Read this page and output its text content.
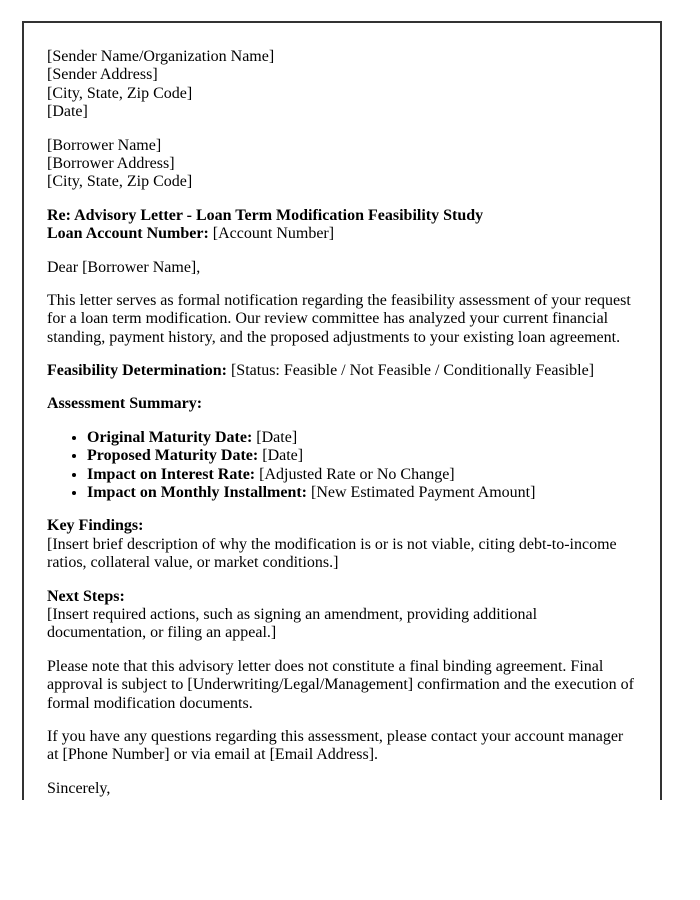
[Sender Name/Organization Name]
[Sender Address]
[City, State, Zip Code]
[Date]

[Borrower Name]
[Borrower Address]
[City, State, Zip Code]

Re: Advisory Letter - Loan Term Modification Feasibility Study
Loan Account Number: [Account Number]

Dear [Borrower Name],

This letter serves as formal notification regarding the feasibility assessment of your request for a loan term modification. Our review committee has analyzed your current financial standing, payment history, and the proposed adjustments to your existing loan agreement.

Feasibility Determination: [Status: Feasible / Not Feasible / Conditionally Feasible]

Assessment Summary:

• Original Maturity Date: [Date]
• Proposed Maturity Date: [Date]
• Impact on Interest Rate: [Adjusted Rate or No Change]
• Impact on Monthly Installment: [New Estimated Payment Amount]

Key Findings:
[Insert brief description of why the modification is or is not viable, citing debt-to-income ratios, collateral value, or market conditions.]

Next Steps:
[Insert required actions, such as signing an amendment, providing additional documentation, or filing an appeal.]

Please note that this advisory letter does not constitute a final binding agreement. Final approval is subject to [Underwriting/Legal/Management] confirmation and the execution of formal modification documents.

If you have any questions regarding this assessment, please contact your account manager at [Phone Number] or via email at [Email Address].

Sincerely,
